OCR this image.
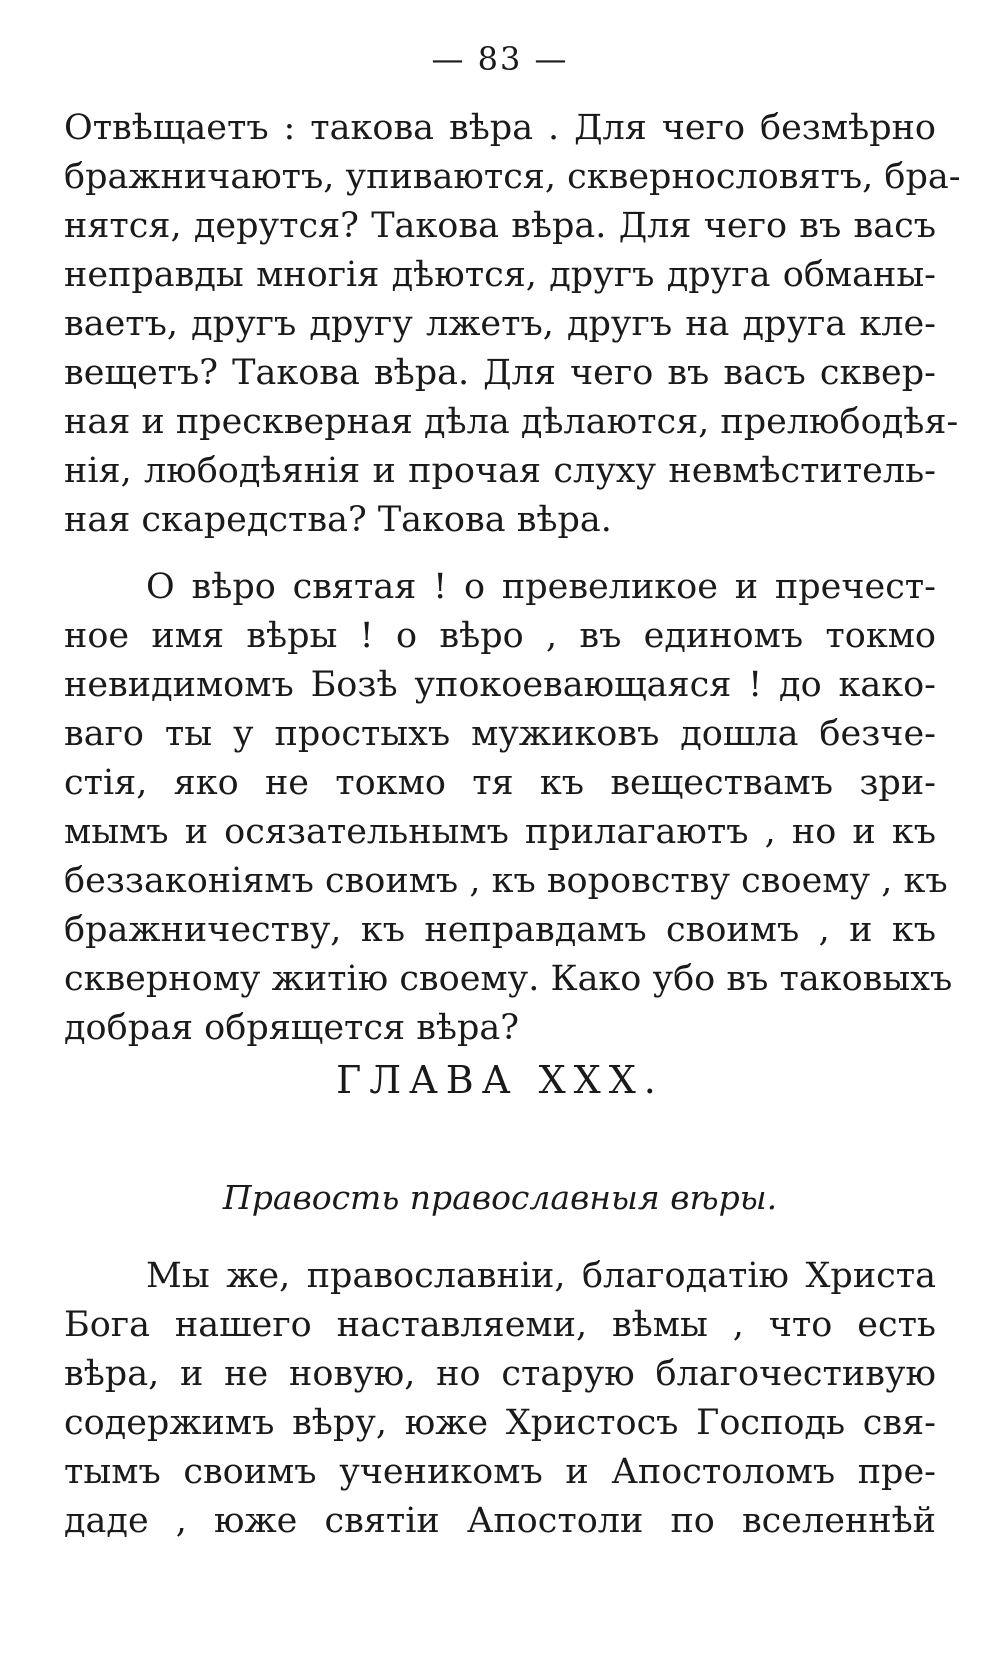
— 83 —
Отвѣщаетъ : такова вѣра . Для чего безмѣрно
бражничаютъ, упиваются, сквернословятъ, бра-
нятся, дерутся? Такова вѣра. Для чего въ васъ
неправды многія дѣются, другъ друга обманы-
ваетъ, другъ другу лжетъ, другъ на друга кле-
вещетъ? Такова вѣра. Для чего въ васъ сквер-
ная и прескверная дѣла дѣлаются, прелюбодѣя-
нія, любодѣянія и прочая слуху невмѣститель-
ная скаредства? Такова вѣра.
О вѣро святая ! о превеликое и пречест-
ное имя вѣры ! о вѣро , въ единомъ токмо
невидимомъ Бозѣ упокоевающаяся ! до како-
ваго ты у простыхъ мужиковъ дошла безче-
стія, яко не токмо тя къ веществамъ зри-
мымъ и осязательнымъ прилагаютъ , но и къ
беззаконіямъ своимъ , къ воровству своему , къ
бражничеству, къ неправдамъ своимъ , и къ
скверному житію своему. Како убо въ таковыхъ
добрая обрящется вѣра?
ГЛАВА XXX.
Правость православныя вѣры.
Мы же, православніи, благодатію Христа
Бога нашего наставляеми, вѣмы , что есть
вѣра, и не новую, но старую благочестивую
содержимъ вѣру, юже Христосъ Господь свя-
тымъ своимъ ученикомъ и Апостоломъ пре-
даде , юже святіи Апостоли по вселеннѣй
